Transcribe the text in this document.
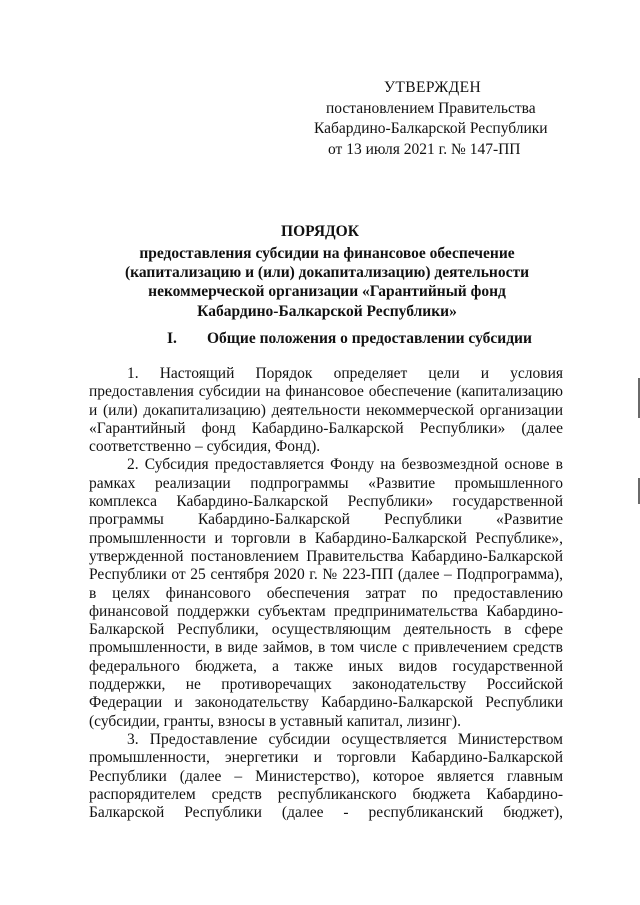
УТВЕРЖДЕН
постановлением Правительства
Кабардино-Балкарской Республики
от 13 июля 2021 г. № 147-ПП
ПОРЯДОК
предоставления субсидии на финансовое обеспечение
(капитализацию и (или) докапитализацию) деятельности
некоммерческой организации «Гарантийный фонд
Кабардино-Балкарской Республики»
I. Общие положения о предоставлении субсидии

1. Настоящий Порядок определяет цели и условия предоставления субсидии на финансовое обеспечение (капитализацию и (или) докапитализацию) деятельности некоммерческой организации «Гарантийный фонд Кабардино-Балкарской Республики» (далее соответственно – субсидия, Фонд).

2. Субсидия предоставляется Фонду на безвозмездной основе в рамках реализации подпрограммы «Развитие промышленного комплекса Кабардино-Балкарской Республики» государственной программы Кабардино-Балкарской Республики «Развитие промышленности и торговли в Кабардино-Балкарской Республике», утвержденной постановлением Правительства Кабардино-Балкарской Республики от 25 сентября 2020 г. № 223-ПП (далее – Подпрограмма), в целях финансового обеспечения затрат по предоставлению финансовой поддержки субъектам предпринимательства Кабардино-Балкарской Республики, осуществляющим деятельность в сфере промышленности, в виде займов, в том числе с привлечением средств федерального бюджета, а также иных видов государственной поддержки, не противоречащих законодательству Российской Федерации и законодательству Кабардино-Балкарской Республики (субсидии, гранты, взносы в уставный капитал, лизинг).

3. Предоставление субсидии осуществляется Министерством промышленности, энергетики и торговли Кабардино-Балкарской Республики (далее – Министерство), которое является главным распорядителем средств республиканского бюджета Кабардино-Балкарской Республики (далее - республиканский бюджет),
